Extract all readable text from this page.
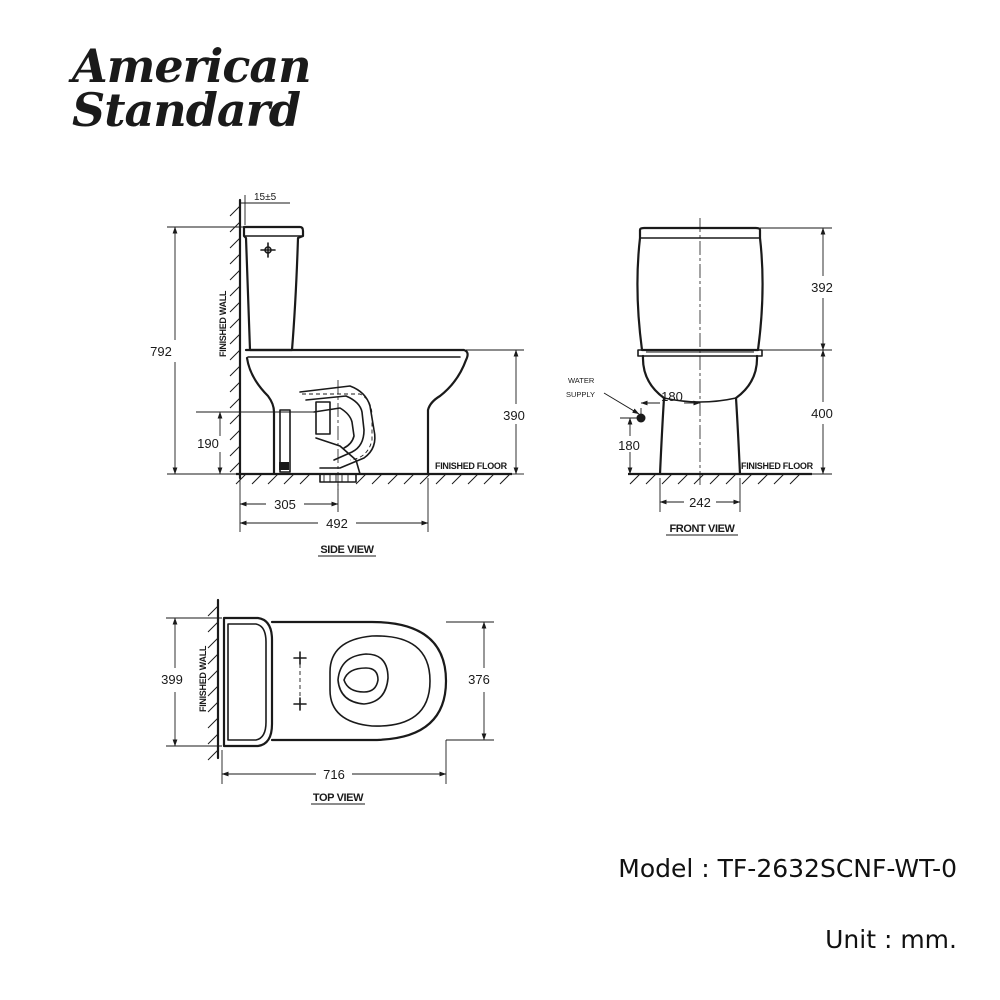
American
Standard
FINISHED WALL
FINISHED FLOOR
15±5
792
190
390
305
492
SIDE VIEW
FINISHED FLOOR
WATER
SUPPLY
392
400
180
180
242
FRONT VIEW
FINISHED WALL
399	376
716
TOP VIEW
Model : TF-2632SCNF-WT-0
Unit : mm.
